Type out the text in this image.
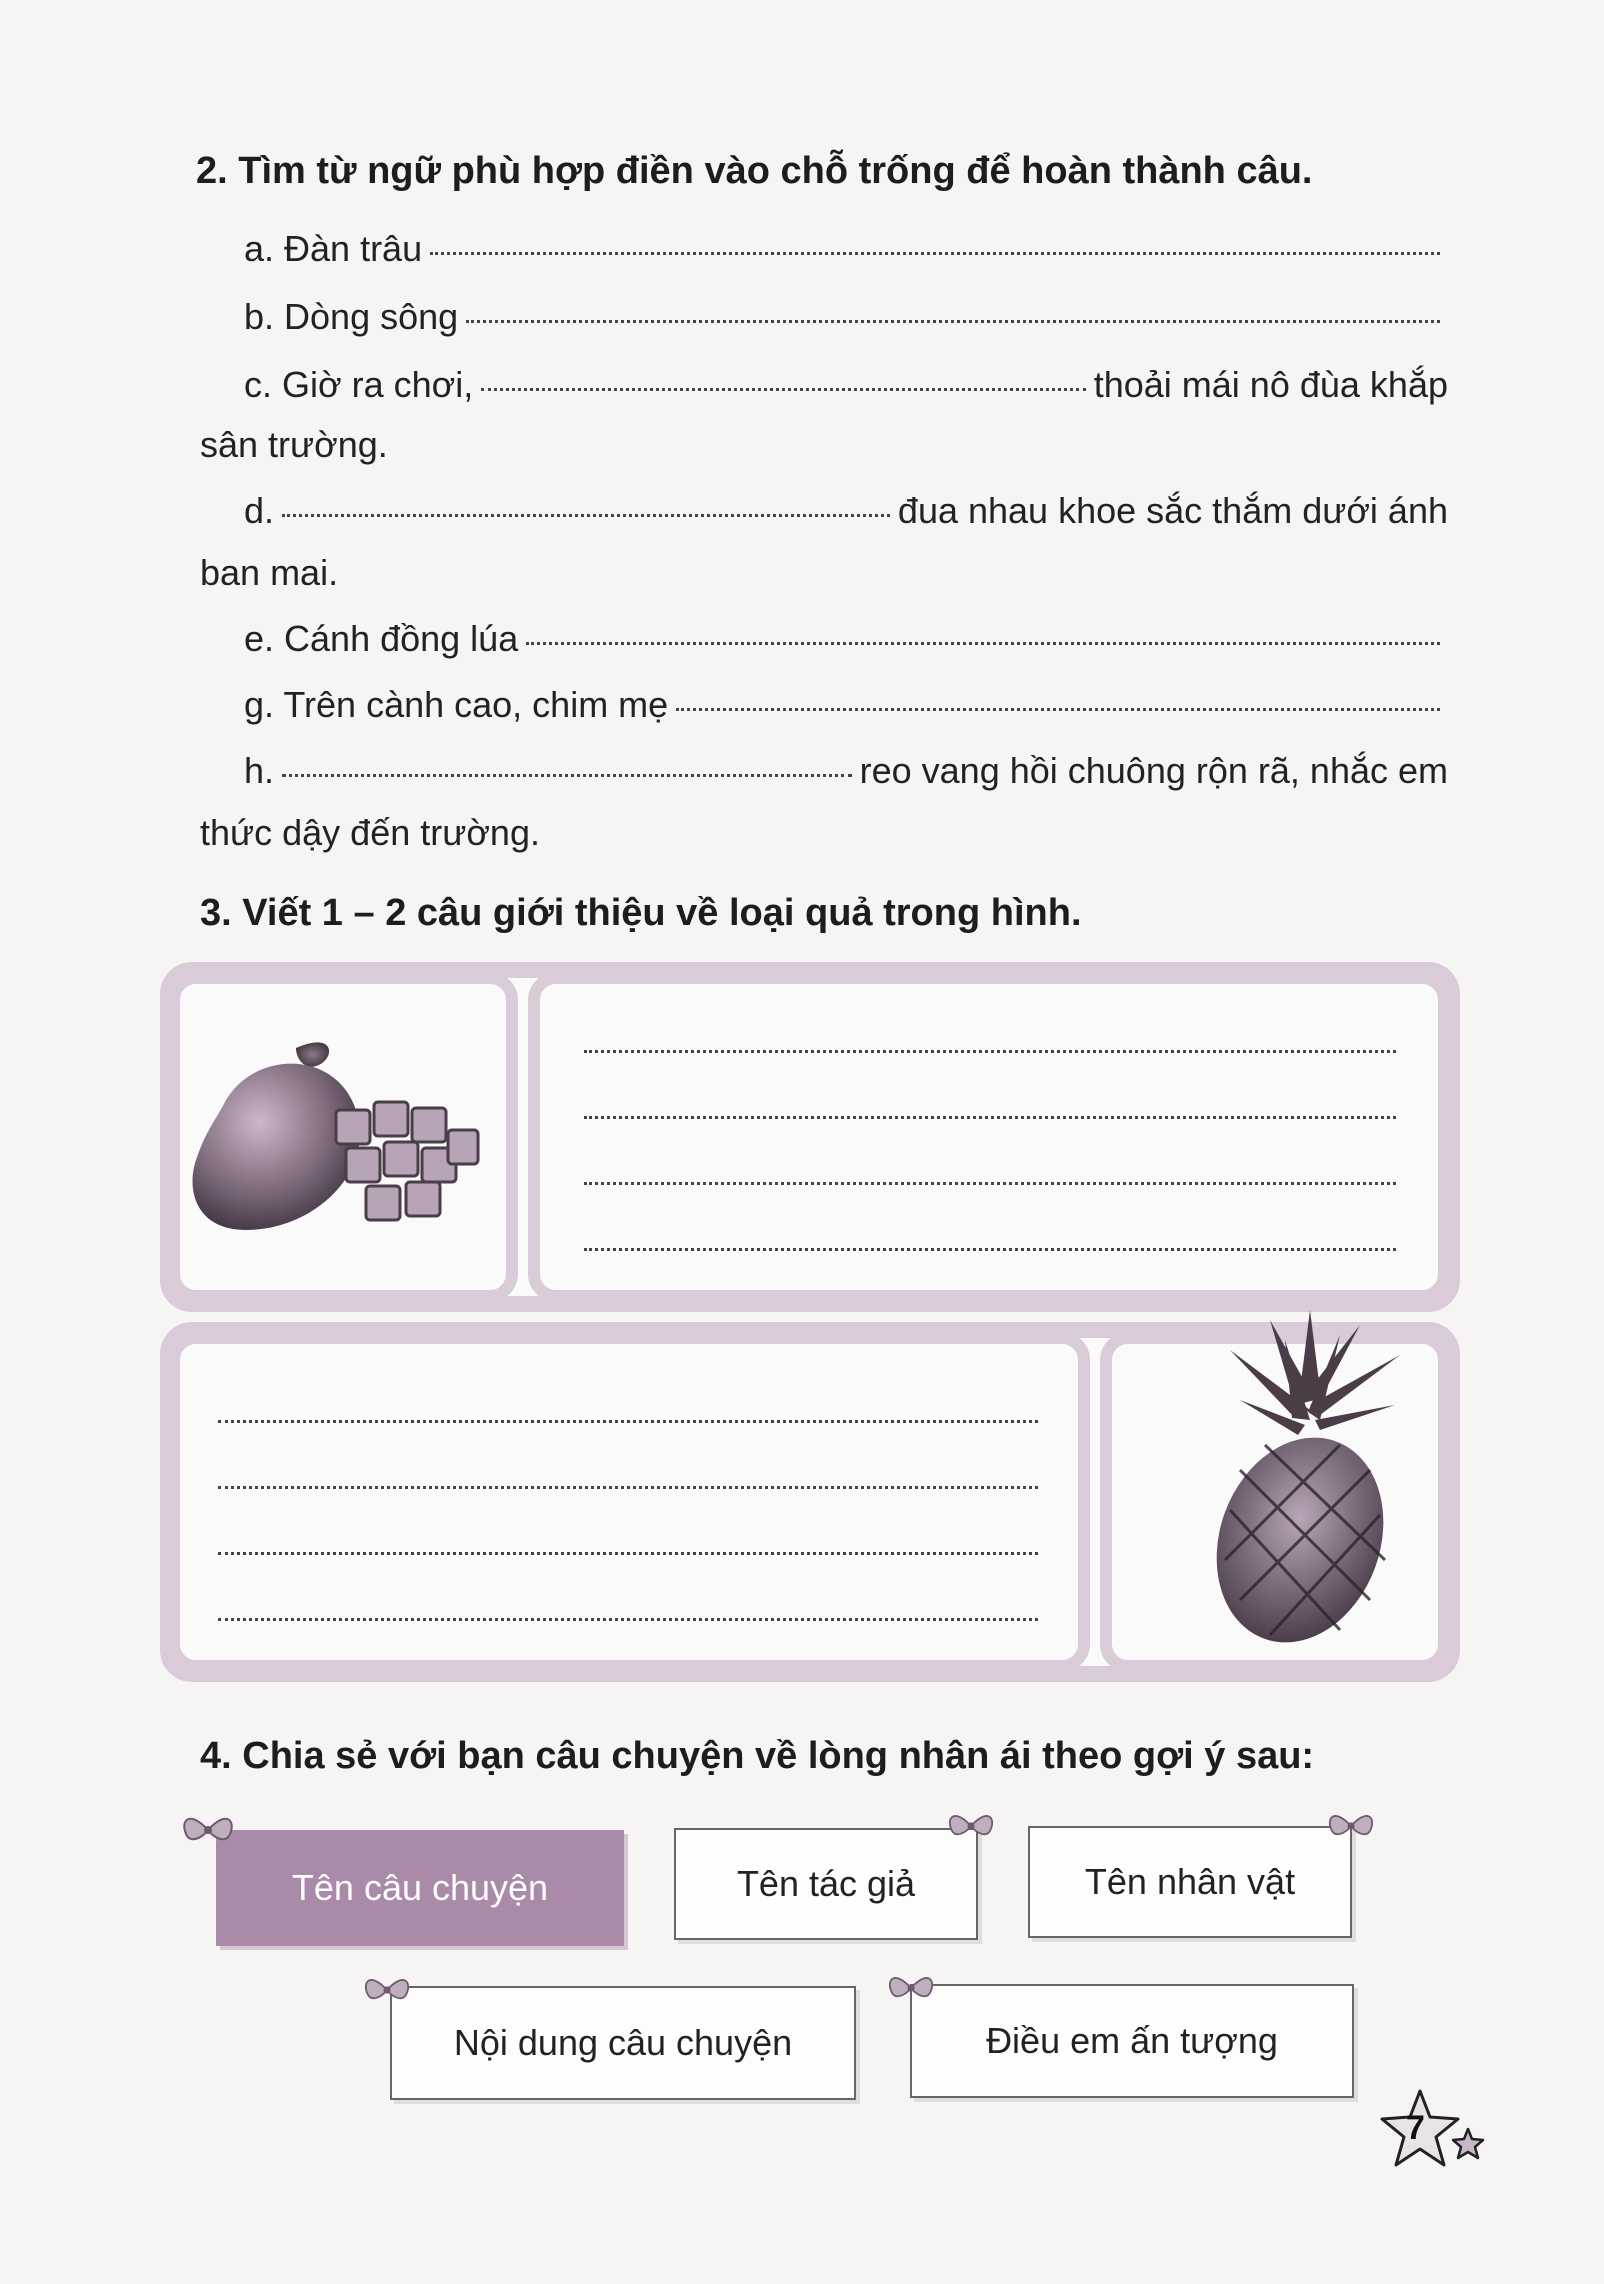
2. Tìm từ ngữ phù hợp điền vào chỗ trống để hoàn thành câu.
a. Đàn trâu
b. Dòng sông
c. Giờ ra chơi,	thoải mái nô đùa khắp
sân trường.
d.	đua nhau khoe sắc thắm dưới ánh
ban mai.
e. Cánh đồng lúa
g. Trên cành cao, chim mẹ
h.	reo vang hồi chuông rộn rã, nhắc em
thức dậy đến trường.
3. Viết 1 – 2 câu giới thiệu về loại quả trong hình.
4. Chia sẻ với bạn câu chuyện về lòng nhân ái theo gợi ý sau:
Tên câu chuyện	Tên tác giả	Tên nhân vật
Nội dung câu chuyện	Điều em ấn tượng
7
